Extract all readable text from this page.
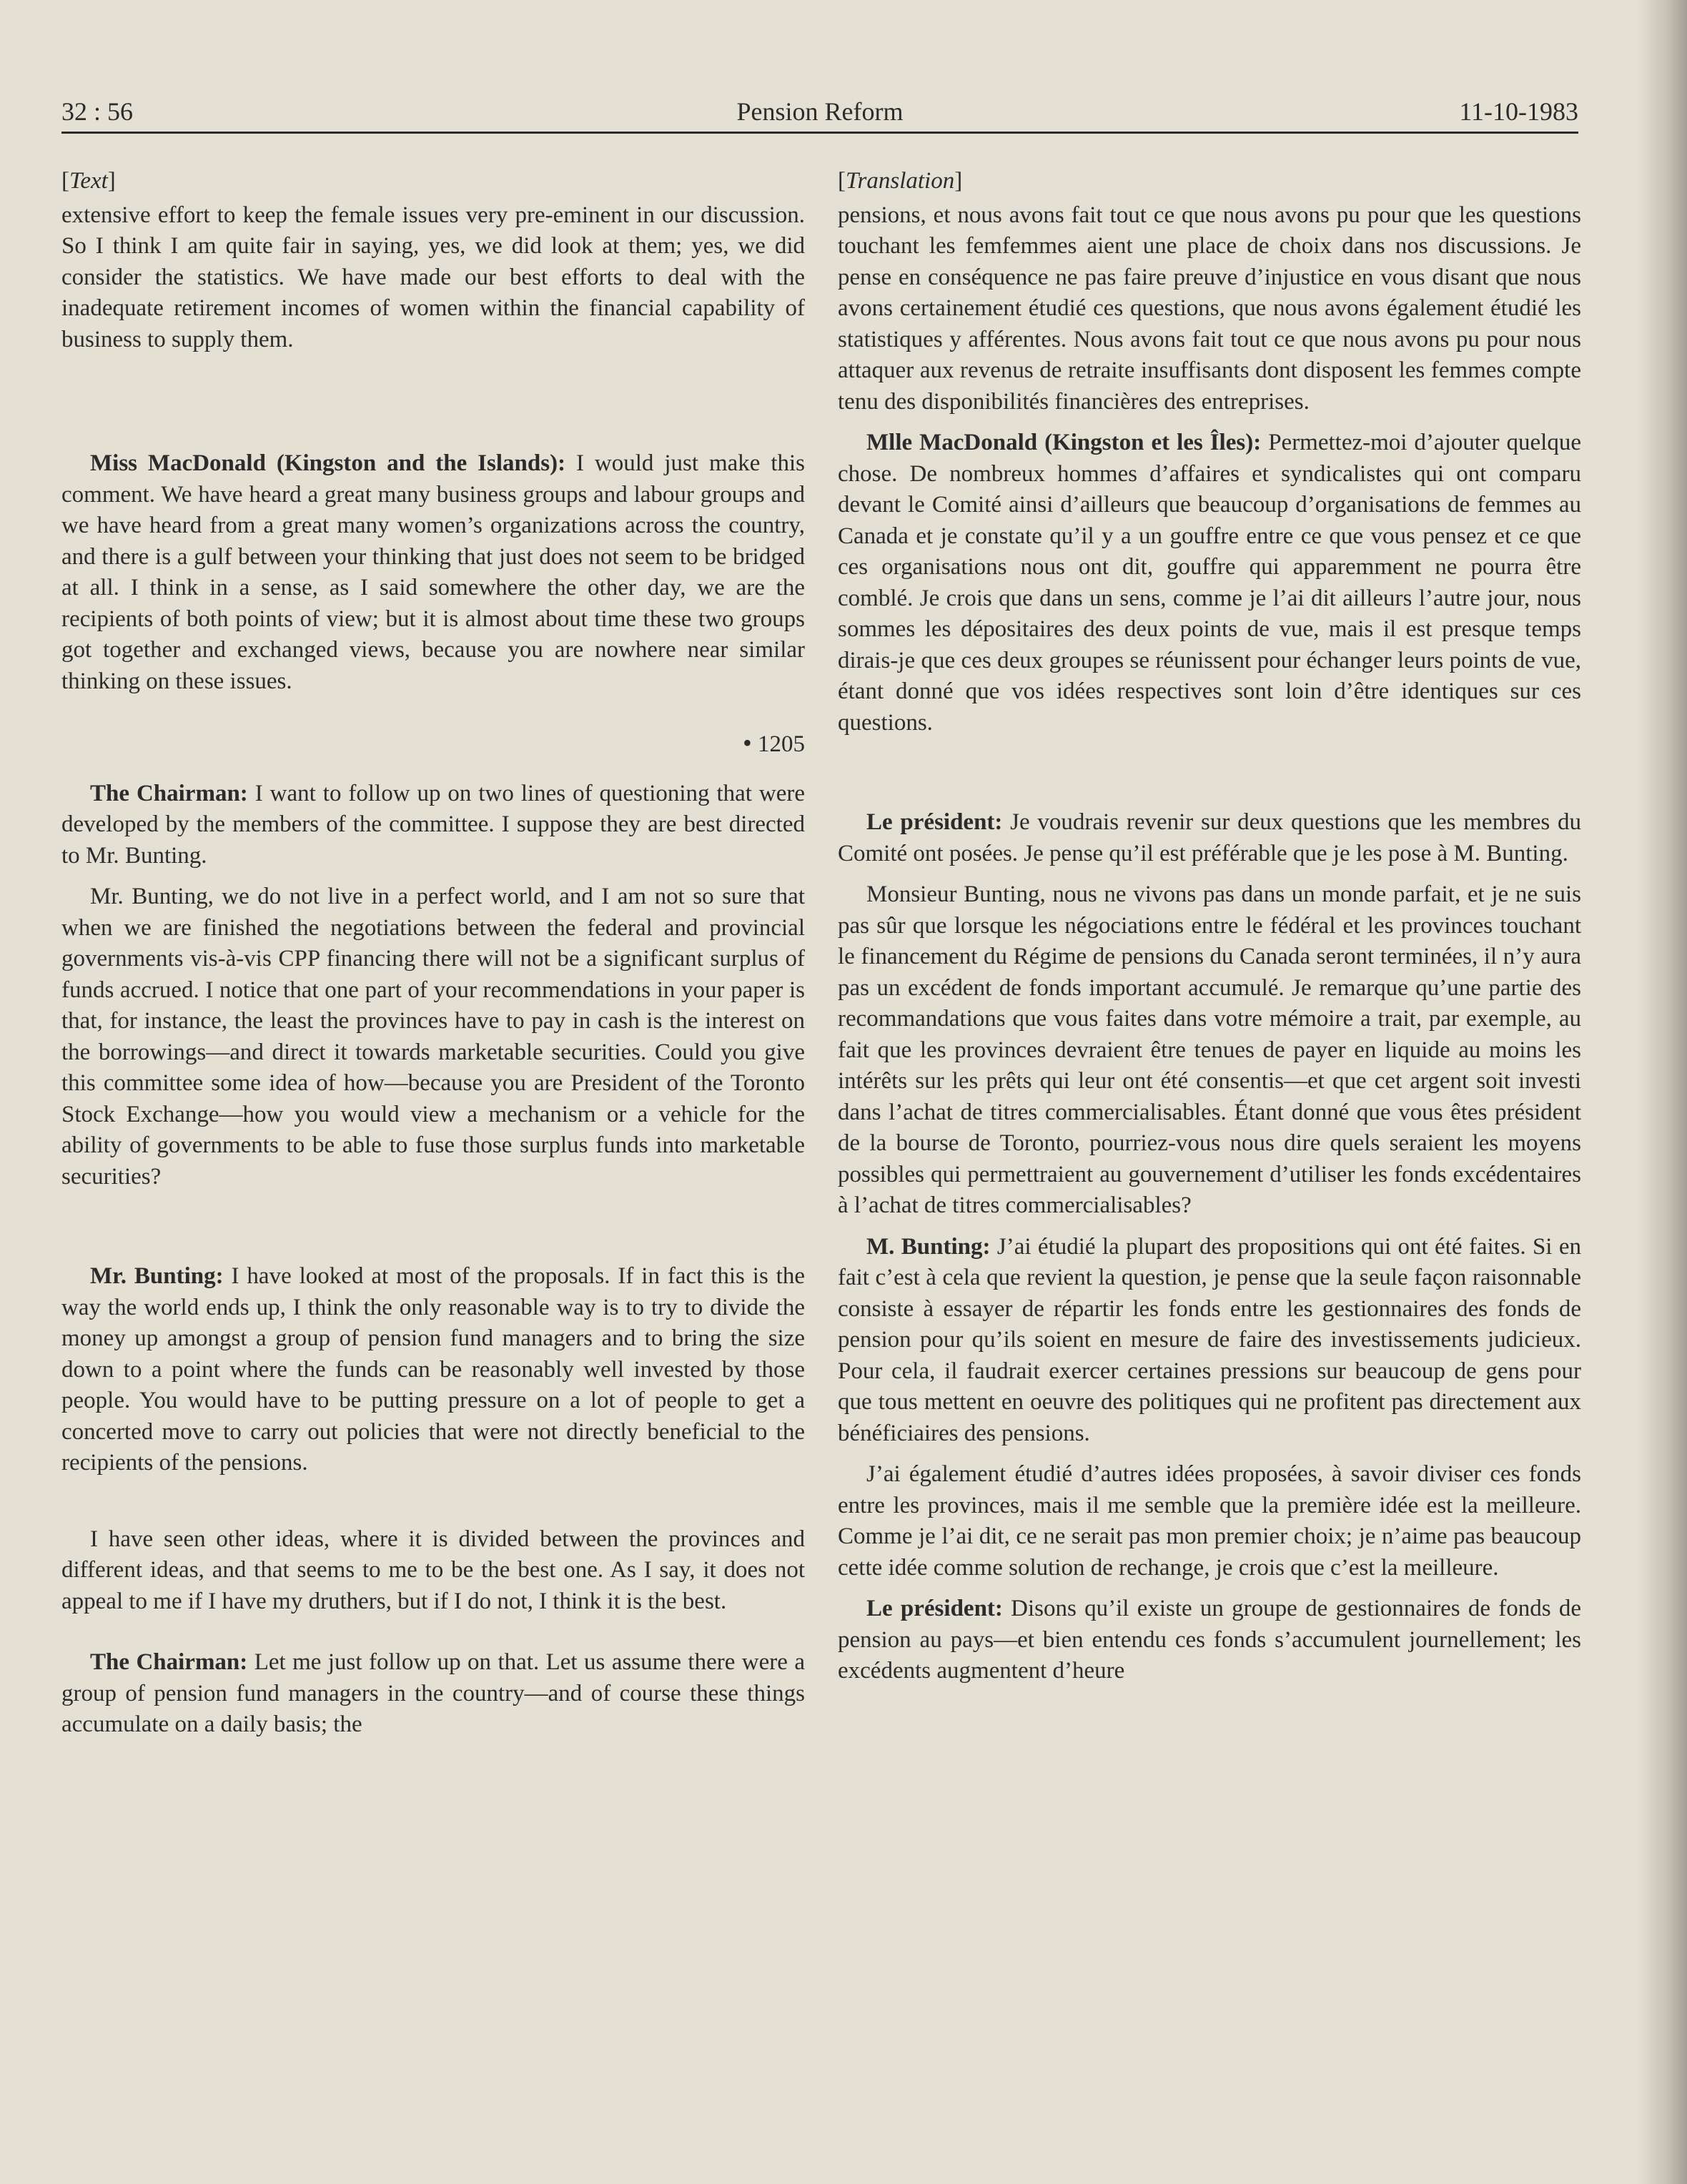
32 : 56	Pension Reform	11-10-1983
[Text]

extensive effort to keep the female issues very pre-eminent in our discussion. So I think I am quite fair in saying, yes, we did look at them; yes, we did consider the statistics. We have made our best efforts to deal with the inadequate retirement incomes of women within the financial capability of business to supply them.

Miss MacDonald (Kingston and the Islands): I would just make this comment. We have heard a great many business groups and labour groups and we have heard from a great many women’s organizations across the country, and there is a gulf between your thinking that just does not seem to be bridged at all. I think in a sense, as I said somewhere the other day, we are the recipients of both points of view; but it is almost about time these two groups got together and exchanged views, because you are nowhere near similar thinking on these issues.

• 1205

The Chairman: I want to follow up on two lines of questioning that were developed by the members of the committee. I suppose they are best directed to Mr. Bunting.

Mr. Bunting, we do not live in a perfect world, and I am not so sure that when we are finished the negotiations between the federal and provincial governments vis-à-vis CPP financing there will not be a significant surplus of funds accrued. I notice that one part of your recommendations in your paper is that, for instance, the least the provinces have to pay in cash is the interest on the borrowings—and direct it towards marketable securities. Could you give this committee some idea of how—because you are President of the Toronto Stock Exchange—how you would view a mechanism or a vehicle for the ability of governments to be able to fuse those surplus funds into marketable securities?

Mr. Bunting: I have looked at most of the proposals. If in fact this is the way the world ends up, I think the only reasonable way is to try to divide the money up amongst a group of pension fund managers and to bring the size down to a point where the funds can be reasonably well invested by those people. You would have to be putting pressure on a lot of people to get a concerted move to carry out policies that were not directly beneficial to the recipients of the pensions.

I have seen other ideas, where it is divided between the provinces and different ideas, and that seems to me to be the best one. As I say, it does not appeal to me if I have my druthers, but if I do not, I think it is the best.

The Chairman: Let me just follow up on that. Let us assume there were a group of pension fund managers in the country—and of course these things accumulate on a daily basis; the

[Translation]

pensions, et nous avons fait tout ce que nous avons pu pour que les questions touchant les femfemmes aient une place de choix dans nos discussions. Je pense en conséquence ne pas faire preuve d’injustice en vous disant que nous avons certainement étudié ces questions, que nous avons également étudié les statistiques y afférentes. Nous avons fait tout ce que nous avons pu pour nous attaquer aux revenus de retraite insuffisants dont disposent les femmes compte tenu des disponibilités financières des entreprises.

Mlle MacDonald (Kingston et les Îles): Permettez-moi d’ajouter quelque chose. De nombreux hommes d’affaires et syndicalistes qui ont comparu devant le Comité ainsi d’ailleurs que beaucoup d’organisations de femmes au Canada et je constate qu’il y a un gouffre entre ce que vous pensez et ce que ces organisations nous ont dit, gouffre qui apparemment ne pourra être comblé. Je crois que dans un sens, comme je l’ai dit ailleurs l’autre jour, nous sommes les dépositaires des deux points de vue, mais il est presque temps dirais-je que ces deux groupes se réunissent pour échanger leurs points de vue, étant donné que vos idées respectives sont loin d’être identiques sur ces questions.

Le président: Je voudrais revenir sur deux questions que les membres du Comité ont posées. Je pense qu’il est préférable que je les pose à M. Bunting.

Monsieur Bunting, nous ne vivons pas dans un monde parfait, et je ne suis pas sûr que lorsque les négociations entre le fédéral et les provinces touchant le financement du Régime de pensions du Canada seront terminées, il n’y aura pas un excédent de fonds important accumulé. Je remarque qu’une partie des recommandations que vous faites dans votre mémoire a trait, par exemple, au fait que les provinces devraient être tenues de payer en liquide au moins les intérêts sur les prêts qui leur ont été consentis—et que cet argent soit investi dans l’achat de titres commercialisables. Étant donné que vous êtes président de la bourse de Toronto, pourriez-vous nous dire quels seraient les moyens possibles qui permettraient au gouvernement d’utiliser les fonds excédentaires à l’achat de titres commercialisables?

M. Bunting: J’ai étudié la plupart des propositions qui ont été faites. Si en fait c’est à cela que revient la question, je pense que la seule façon raisonnable consiste à essayer de répartir les fonds entre les gestionnaires des fonds de pension pour qu’ils soient en mesure de faire des investissements judicieux. Pour cela, il faudrait exercer certaines pressions sur beaucoup de gens pour que tous mettent en oeuvre des politiques qui ne profitent pas directement aux bénéficiaires des pensions.

J’ai également étudié d’autres idées proposées, à savoir diviser ces fonds entre les provinces, mais il me semble que la première idée est la meilleure. Comme je l’ai dit, ce ne serait pas mon premier choix; je n’aime pas beaucoup cette idée comme solution de rechange, je crois que c’est la meilleure.

Le président: Disons qu’il existe un groupe de gestionnaires de fonds de pension au pays—et bien entendu ces fonds s’accumulent journellement; les excédents augmentent d’heure
